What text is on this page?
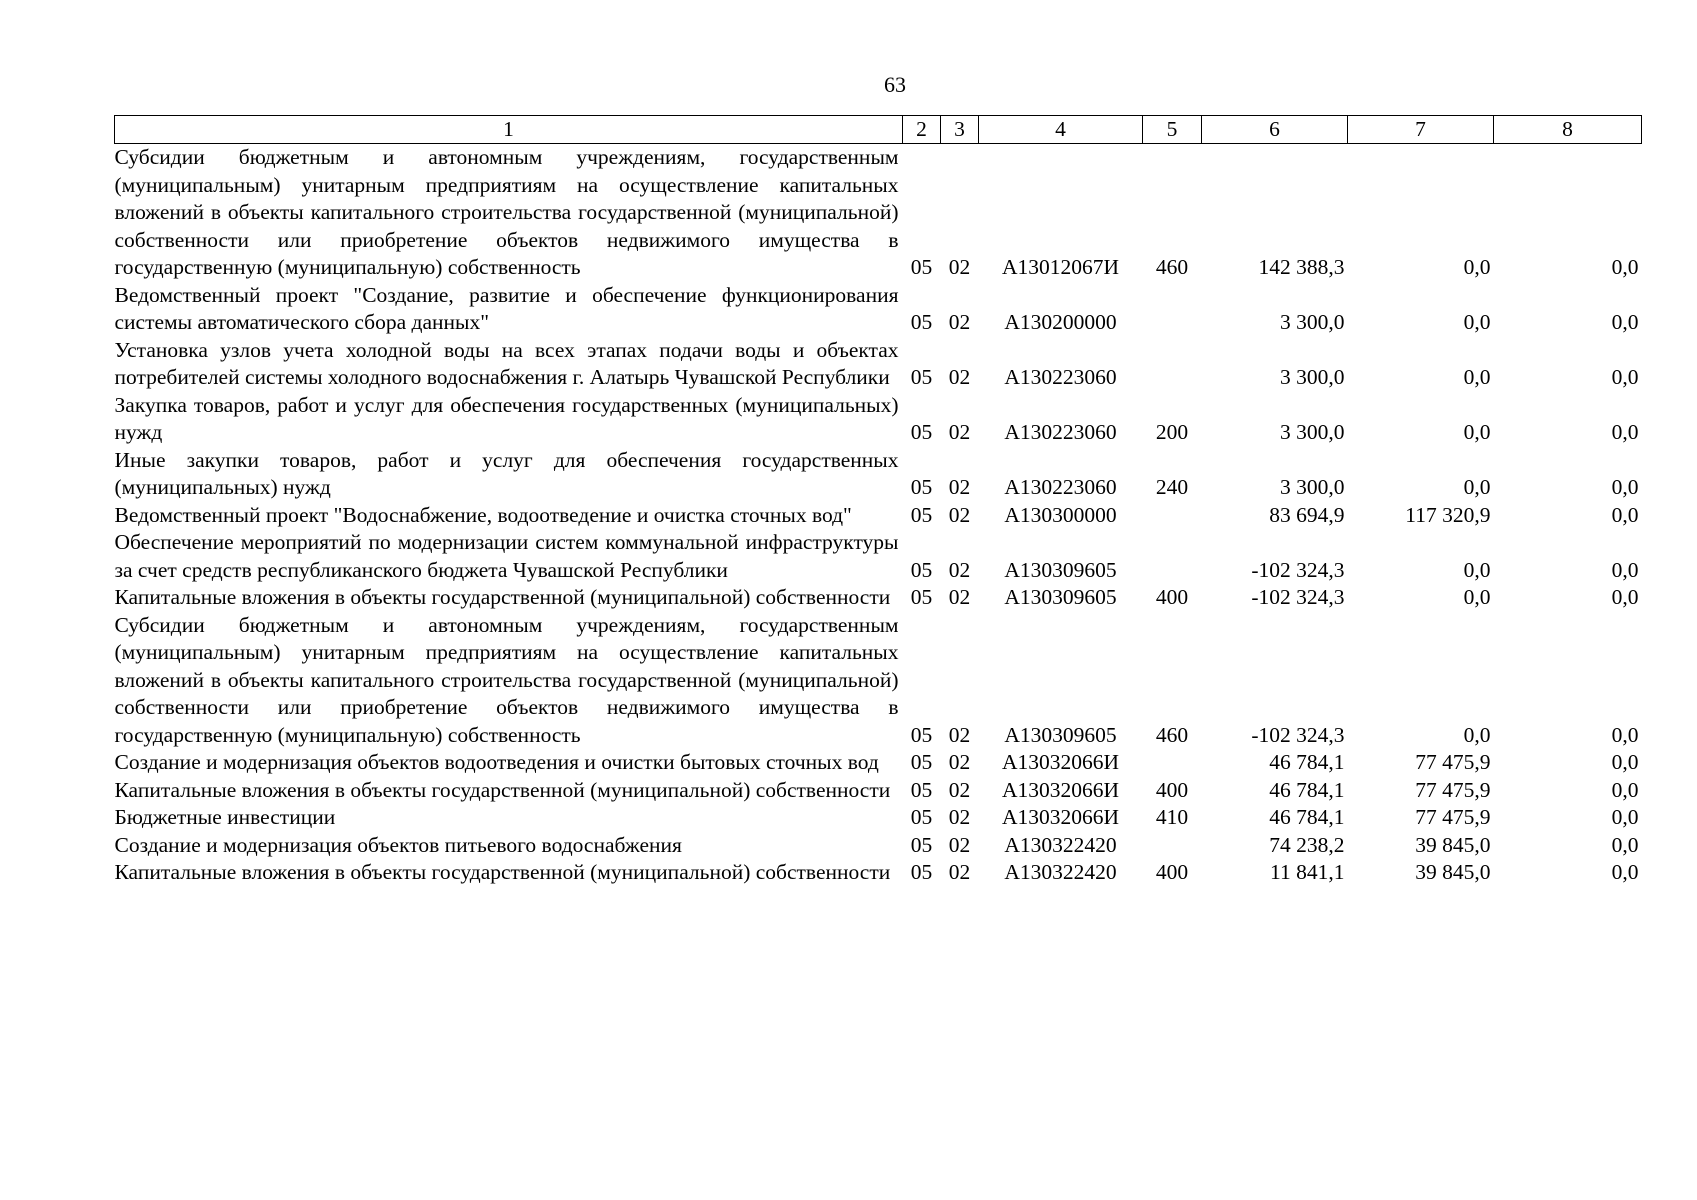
63
1	2	3	4	5	6	7	8
Субсидии бюджетным и автономным учреждениям, государственным (муниципальным) унитарным предприятиям на осуществление капитальных вложений в объекты капитального строительства государственной (муниципальной) собственности или приобретение объектов недвижимого имущества в государственную (муниципальную) собственность	05	02	А13012067И	460	142 388,3	0,0	0,0
Ведомственный проект "Создание, развитие и обеспечение функционирования системы автоматического сбора данных"	05	02	А130200000		3 300,0	0,0	0,0
Установка узлов учета холодной воды на всех этапах подачи воды и объектах потребителей системы холодного водоснабжения г. Алатырь Чувашской Республики	05	02	А130223060		3 300,0	0,0	0,0
Закупка товаров, работ и услуг для обеспечения государственных (муниципальных) нужд	05	02	А130223060	200	3 300,0	0,0	0,0
Иные закупки товаров, работ и услуг для обеспечения государственных (муниципальных) нужд	05	02	А130223060	240	3 300,0	0,0	0,0
Ведомственный проект "Водоснабжение, водоотведение и очистка сточных вод"	05	02	А130300000		83 694,9	117 320,9	0,0
Обеспечение мероприятий по модернизации систем коммунальной инфраструктуры за счет средств республиканского бюджета Чувашской Республики	05	02	А130309605		-102 324,3	0,0	0,0
Капитальные вложения в объекты государственной (муниципальной) собственности	05	02	А130309605	400	-102 324,3	0,0	0,0
Субсидии бюджетным и автономным учреждениям, государственным (муниципальным) унитарным предприятиям на осуществление капитальных вложений в объекты капитального строительства государственной (муниципальной) собственности или приобретение объектов недвижимого имущества в государственную (муниципальную) собственность	05	02	А130309605	460	-102 324,3	0,0	0,0
Создание и модернизация объектов водоотведения и очистки бытовых сточных вод	05	02	А13032066И		46 784,1	77 475,9	0,0
Капитальные вложения в объекты государственной (муниципальной) собственности	05	02	А13032066И	400	46 784,1	77 475,9	0,0
Бюджетные инвестиции	05	02	А13032066И	410	46 784,1	77 475,9	0,0
Создание и модернизация объектов питьевого водоснабжения	05	02	А130322420		74 238,2	39 845,0	0,0
Капитальные вложения в объекты государственной (муниципальной) собственности	05	02	А130322420	400	11 841,1	39 845,0	0,0
